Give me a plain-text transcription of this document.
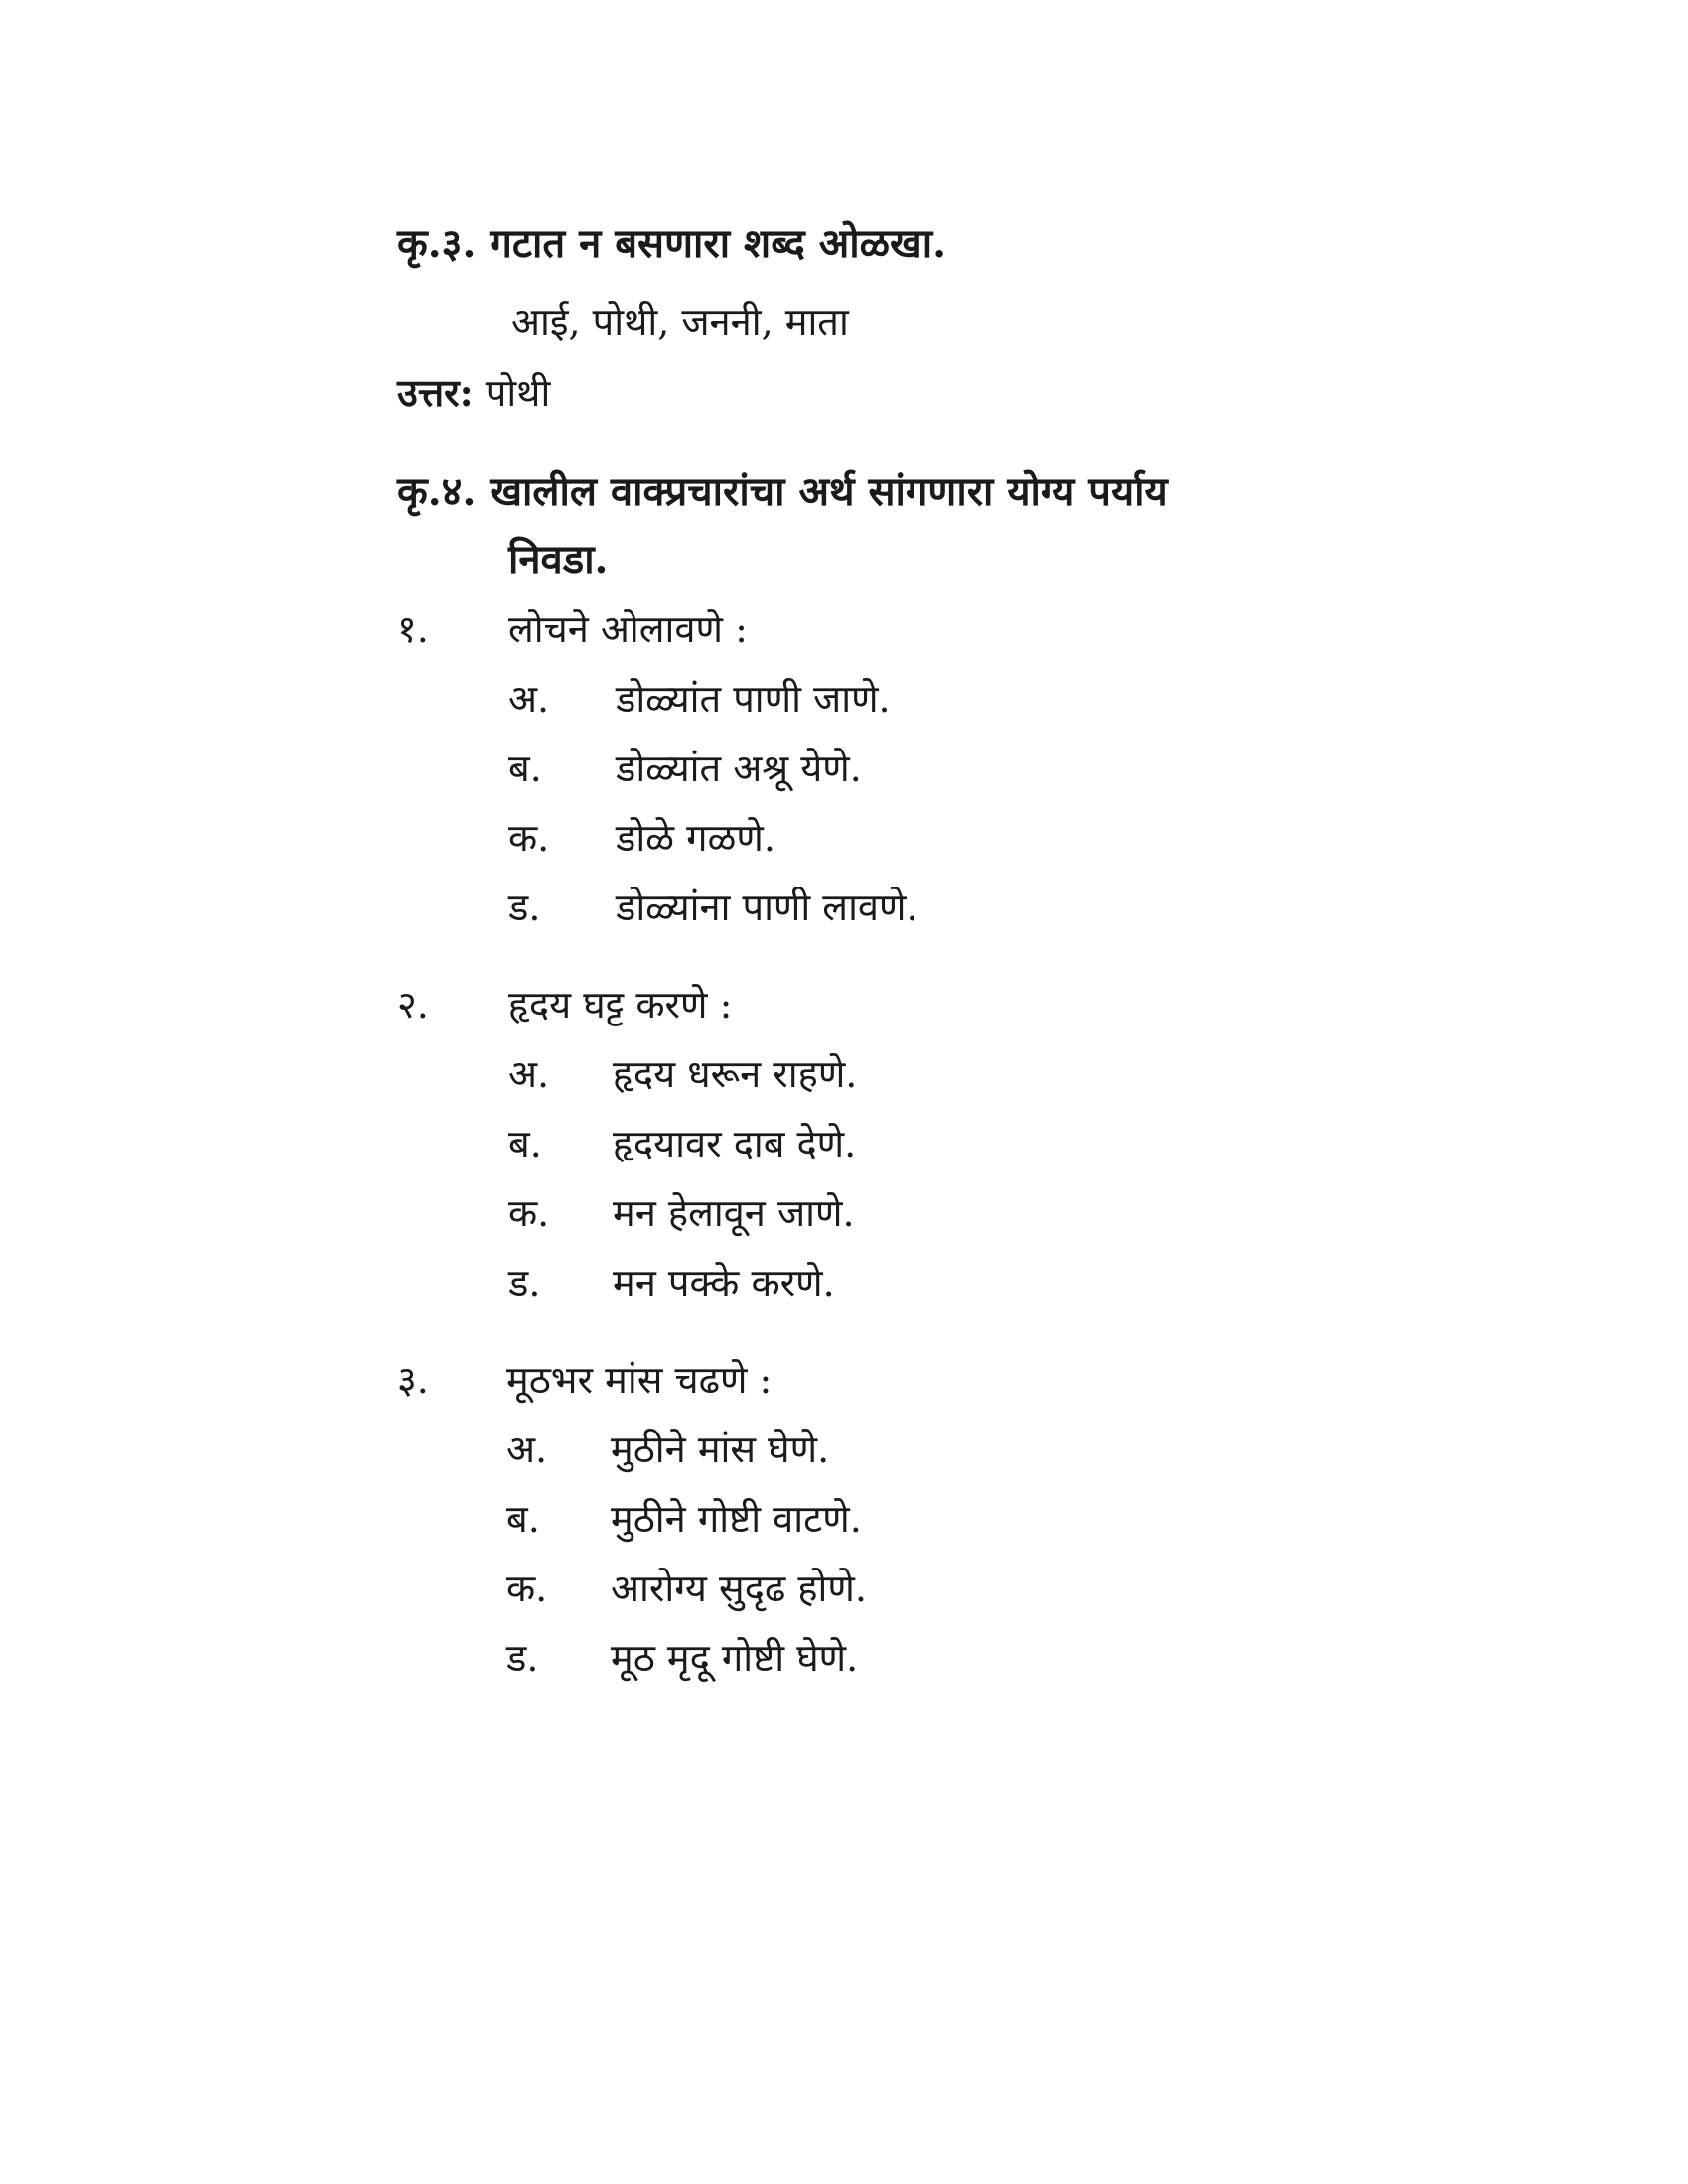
कृ.३. गटात न बसणारा शब्द ओळखा.
आई, पोथी, जननी, माता
उत्तर: पोथी
कृ.४. खालील वाक्प्रचारांचा अर्थ सांगणारा योग्य पर्याय
निवडा.
१. लोचने ओलावणे :
अ. डोळ्यांत पाणी जाणे.
ब. डोळ्यांत अश्रू येणे.
क. डोळे गळणे.
ड. डोळ्यांना पाणी लावणे.
२. हृदय घट्ट करणे :
अ. हृदय धरून राहणे.
ब. हृदयावर दाब देणे.
क. मन हेलावून जाणे.
ड. मन पक्के करणे.
३. मूठभर मांस चढणे :
अ. मुठीने मांस घेणे.
ब. मुठीने गोष्टी वाटणे.
क. आरोग्य सुदृढ होणे.
ड. मूठ मृदू गोष्टी घेणे.
